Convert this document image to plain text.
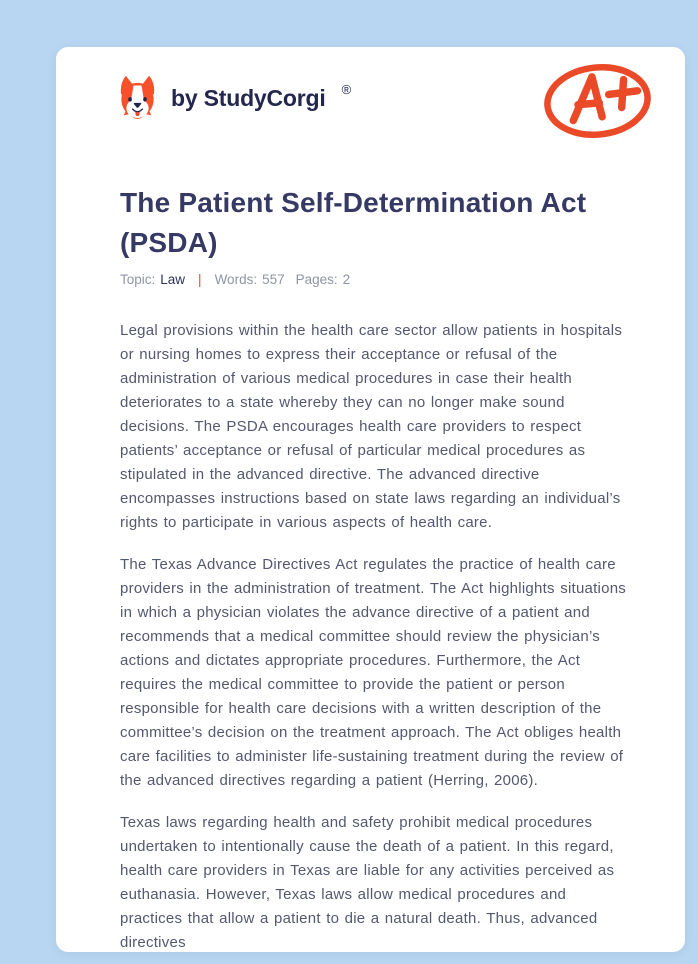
by StudyCorgi ®
The Patient Self-Determination Act (PSDA)
Topic: Law | Words: 557 Pages: 2

Legal provisions within the health care sector allow patients in hospitals or nursing homes to express their acceptance or refusal of the administration of various medical procedures in case their health deteriorates to a state whereby they can no longer make sound decisions. The PSDA encourages health care providers to respect patients’ acceptance or refusal of particular medical procedures as stipulated in the advanced directive. The advanced directive encompasses instructions based on state laws regarding an individual’s rights to participate in various aspects of health care.

The Texas Advance Directives Act regulates the practice of health care providers in the administration of treatment. The Act highlights situations in which a physician violates the advance directive of a patient and recommends that a medical committee should review the physician’s actions and dictates appropriate procedures. Furthermore, the Act requires the medical committee to provide the patient or person responsible for health care decisions with a written description of the committee’s decision on the treatment approach. The Act obliges health care facilities to administer life-sustaining treatment during the review of the advanced directives regarding a patient (Herring, 2006).

Texas laws regarding health and safety prohibit medical procedures undertaken to intentionally cause the death of a patient. In this regard, health care providers in Texas are liable for any activities perceived as euthanasia. However, Texas laws allow medical procedures and practices that allow a patient to die a natural death. Thus, advanced directives
